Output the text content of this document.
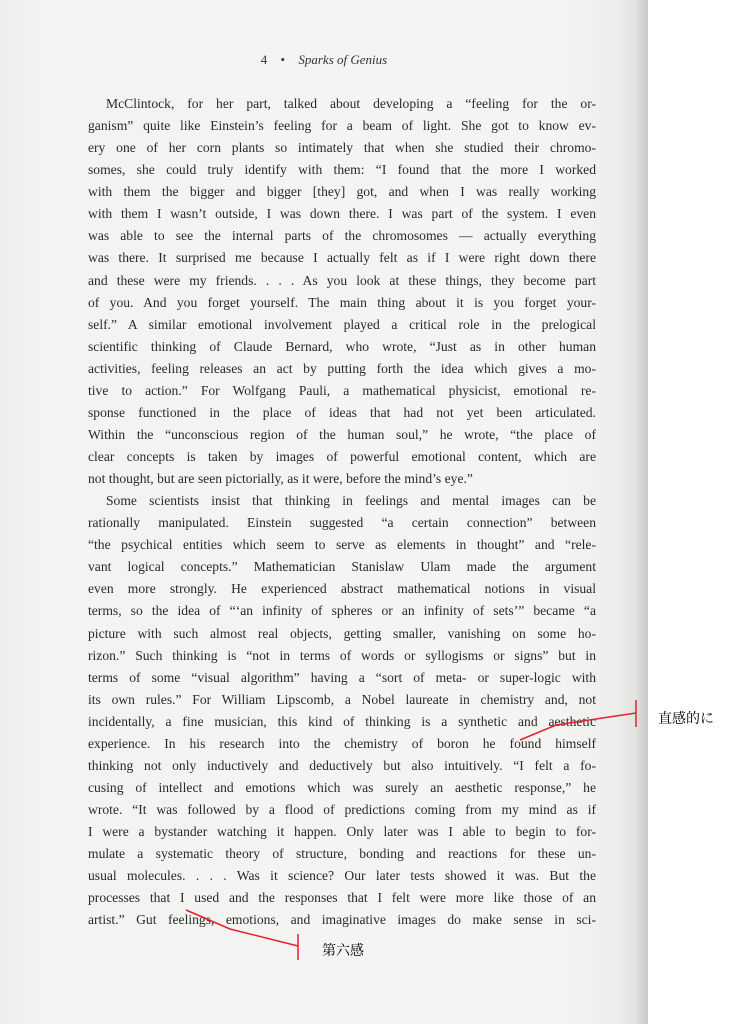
4 • Sparks of Genius
McClintock, for her part, talked about developing a “feeling for the or-
ganism” quite like Einstein’s feeling for a beam of light. She got to know ev-
ery one of her corn plants so intimately that when she studied their chromo-
somes, she could truly identify with them: “I found that the more I worked
with them the bigger and bigger [they] got, and when I was really working
with them I wasn’t outside, I was down there. I was part of the system. I even
was able to see the internal parts of the chromosomes — actually everything
was there. It surprised me because I actually felt as if I were right down there
and these were my friends. . . . As you look at these things, they become part
of you. And you forget yourself. The main thing about it is you forget your-
self.” A similar emotional involvement played a critical role in the prelogical
scientific thinking of Claude Bernard, who wrote, “Just as in other human
activities, feeling releases an act by putting forth the idea which gives a mo-
tive to action.” For Wolfgang Pauli, a mathematical physicist, emotional re-
sponse functioned in the place of ideas that had not yet been articulated.
Within the “unconscious region of the human soul,” he wrote, “the place of
clear concepts is taken by images of powerful emotional content, which are
not thought, but are seen pictorially, as it were, before the mind’s eye.”
Some scientists insist that thinking in feelings and mental images can be
rationally manipulated. Einstein suggested “a certain connection” between
“the psychical entities which seem to serve as elements in thought” and “rele-
vant logical concepts.” Mathematician Stanislaw Ulam made the argument
even more strongly. He experienced abstract mathematical notions in visual
terms, so the idea of “‘an infinity of spheres or an infinity of sets’” became “a
picture with such almost real objects, getting smaller, vanishing on some ho-
rizon.” Such thinking is “not in terms of words or syllogisms or signs” but in
terms of some “visual algorithm” having a “sort of meta- or super-logic with
its own rules.” For William Lipscomb, a Nobel laureate in chemistry and, not
incidentally, a fine musician, this kind of thinking is a synthetic and aesthetic
experience. In his research into the chemistry of boron he found himself
thinking not only inductively and deductively but also intuitively. “I felt a fo-
cusing of intellect and emotions which was surely an aesthetic response,” he
wrote. “It was followed by a flood of predictions coming from my mind as if
I were a bystander watching it happen. Only later was I able to begin to for-
mulate a systematic theory of structure, bonding and reactions for these un-
usual molecules. . . . Was it science? Our later tests showed it was. But the
processes that I used and the responses that I felt were more like those of an
artist.” Gut feelings, emotions, and imaginative images do make sense in sci-
直感的に
第六感
